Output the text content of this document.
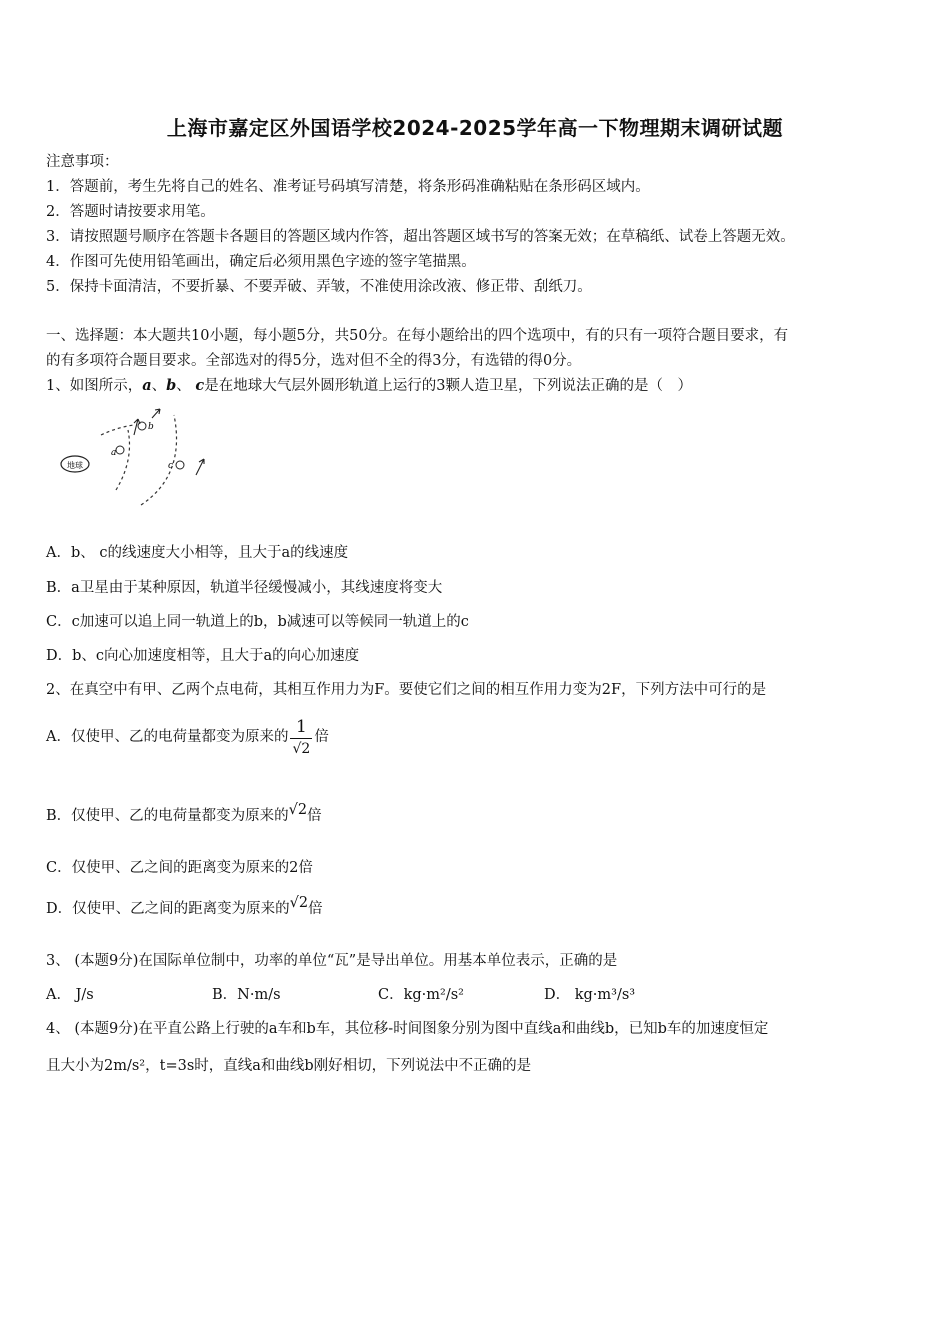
上海市嘉定区外国语学校2024-2025学年高一下物理期末调研试题
注意事项：
1．答题前，考生先将自己的姓名、准考证号码填写清楚，将条形码准确粘贴在条形码区域内。
2．答题时请按要求用笔。
3．请按照题号顺序在答题卡各题目的答题区域内作答，超出答题区域书写的答案无效；在草稿纸、试卷上答题无效。
4．作图可先使用铅笔画出，确定后必须用黑色字迹的签字笔描黑。
5．保持卡面清洁，不要折暴、不要弄破、弄皱，不准使用涂改液、修正带、刮纸刀。
一、选择题：本大题共10小题，每小题5分，共50分。在每小题给出的四个选项中，有的只有一项符合题目要求，有
的有多项符合题目要求。全部选对的得5分，选对但不全的得3分，有选错的得0分。
1、如图所示，a、b、 c是在地球大气层外圆形轨道上运行的3颗人造卫星，下列说法正确的是（　）
地球
a
b
c
A．b、 c的线速度大小相等，且大于a的线速度
B．a卫星由于某种原因，轨道半径缓慢减小，其线速度将变大
C．c加速可以追上同一轨道上的b，b减速可以等候同一轨道上的c
D．b、c向心加速度相等，且大于a的向心加速度
2、在真空中有甲、乙两个点电荷，其相互作用力为F。要使它们之间的相互作用力变为2F，下列方法中可行的是
A．仅使甲、乙的电荷量都变为原来的 $\frac{1}{√2}$ 倍
B．仅使甲、乙的电荷量都变为原来的√2倍
C．仅使甲、乙之间的距离变为原来的2倍
D．仅使甲、乙之间的距离变为原来的√2倍
3、 (本题9分)在国际单位制中，功率的单位“瓦”是导出单位。用基本单位表示，正确的是
A． J/s	B．N·m/s	C．kg·m²/s²	D． kg·m³/s³
4、 (本题9分)在平直公路上行驶的a车和b车，其位移-时间图象分别为图中直线a和曲线b，已知b车的加速度恒定
且大小为2m/s²，t=3s时，直线a和曲线b刚好相切，下列说法中不正确的是
